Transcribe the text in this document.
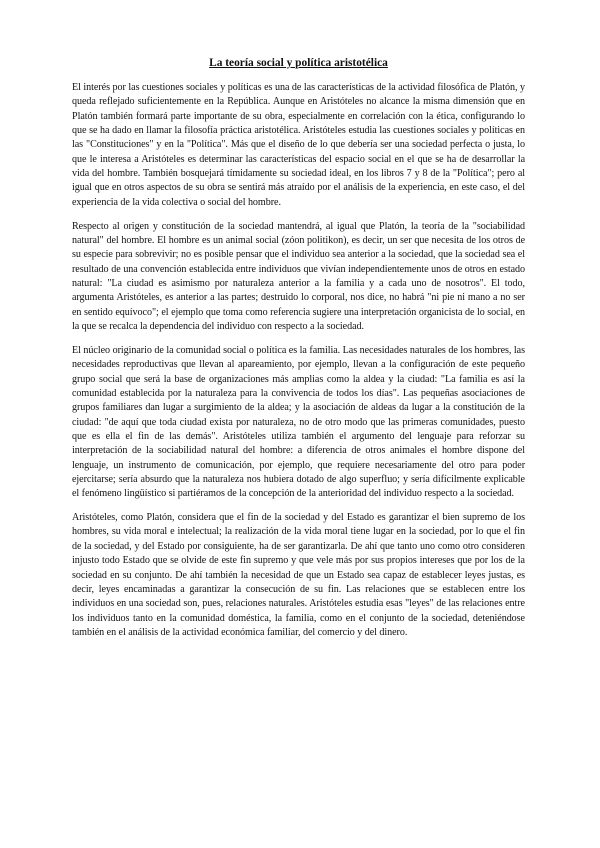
La teoría social y política aristotélica

El interés por las cuestiones sociales y políticas es una de las características de la actividad filosófica de Platón, y queda reflejado suficientemente en la República. Aunque en Aristóteles no alcance la misma dimensión que en Platón también formará parte importante de su obra, especialmente en correlación con la ética, configurando lo que se ha dado en llamar la filosofía práctica aristotélica. Aristóteles estudia las cuestiones sociales y políticas en las "Constituciones" y en la "Política". Más que el diseño de lo que debería ser una sociedad perfecta o justa, lo que le interesa a Aristóteles es determinar las características del espacio social en el que se ha de desarrollar la vida del hombre. También bosquejará tímidamente su sociedad ideal, en los libros 7 y 8 de la "Política"; pero al igual que en otros aspectos de su obra se sentirá más atraído por el análisis de la experiencia, en este caso, el del experiencia de la vida colectiva o social del hombre.

Respecto al origen y constitución de la sociedad mantendrá, al igual que Platón, la teoría de la "sociabilidad natural" del hombre. El hombre es un animal social (zóon politikon), es decir, un ser que necesita de los otros de su especie para sobrevivir; no es posible pensar que el individuo sea anterior a la sociedad, que la sociedad sea el resultado de una convención establecida entre individuos que vivían independientemente unos de otros en estado natural: "La ciudad es asimismo por naturaleza anterior a la familia y a cada uno de nosotros". El todo, argumenta Aristóteles, es anterior a las partes; destruido lo corporal, nos dice, no habrá "ni pie ni mano a no ser en sentido equívoco"; el ejemplo que toma como referencia sugiere una interpretación organicista de lo social, en la que se recalca la dependencia del individuo con respecto a la sociedad.

El núcleo originario de la comunidad social o política es la familia. Las necesidades naturales de los hombres, las necesidades reproductivas que llevan al apareamiento, por ejemplo, llevan a la configuración de este pequeño grupo social que será la base de organizaciones más amplias como la aldea y la ciudad: "La familia es así la comunidad establecida por la naturaleza para la convivencia de todos los días". Las pequeñas asociaciones de grupos familiares dan lugar a surgimiento de la aldea; y la asociación de aldeas da lugar a la constitución de la ciudad: "de aquí que toda ciudad exista por naturaleza, no de otro modo que las primeras comunidades, puesto que es ella el fin de las demás". Aristóteles utiliza también el argumento del lenguaje para reforzar su interpretación de la sociabilidad natural del hombre: a diferencia de otros animales el hombre dispone del lenguaje, un instrumento de comunicación, por ejemplo, que requiere necesariamente del otro para poder ejercitarse; sería absurdo que la naturaleza nos hubiera dotado de algo superfluo; y sería difícilmente explicable el fenómeno lingüístico si partiéramos de la concepción de la anterioridad del individuo respecto a la sociedad.

Aristóteles, como Platón, considera que el fin de la sociedad y del Estado es garantizar el bien supremo de los hombres, su vida moral e intelectual; la realización de la vida moral tiene lugar en la sociedad, por lo que el fin de la sociedad, y del Estado por consiguiente, ha de ser garantizarla. De ahí que tanto uno como otro consideren injusto todo Estado que se olvide de este fin supremo y que vele más por sus propios intereses que por los de la sociedad en su conjunto. De ahí también la necesidad de que un Estado sea capaz de establecer leyes justas, es decir, leyes encaminadas a garantizar la consecución de su fin. Las relaciones que se establecen entre los individuos en una sociedad son, pues, relaciones naturales. Aristóteles estudia esas "leyes" de las relaciones entre los individuos tanto en la comunidad doméstica, la familia, como en el conjunto de la sociedad, deteniéndose también en el análisis de la actividad económica familiar, del comercio y del dinero.
